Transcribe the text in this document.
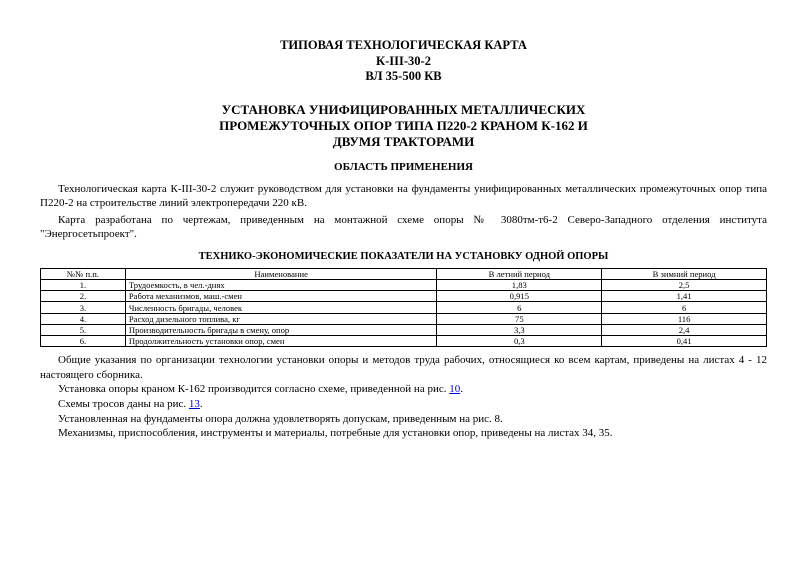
ТИПОВАЯ ТЕХНОЛОГИЧЕСКАЯ КАРТА
К-III-30-2
ВЛ 35-500 КВ
УСТАНОВКА УНИФИЦИРОВАННЫХ МЕТАЛЛИЧЕСКИХ
ПРОМЕЖУТОЧНЫХ ОПОР ТИПА П220-2 КРАНОМ К-162 И
ДВУМЯ ТРАКТОРАМИ
ОБЛАСТЬ ПРИМЕНЕНИЯ

Технологическая карта К-III-30-2 служит руководством для установки на фундаменты унифицированных металлических промежуточных опор типа П220-2 на строительстве линий электропередачи 220 кВ.

Карта разработана по чертежам, приведенным на монтажной схеме опоры № 3080тм-т6-2 Северо-Западного отделения института "Энергосетьпроект".

ТЕХНИКО-ЭКОНОМИЧЕСКИЕ ПОКАЗАТЕЛИ НА УСТАНОВКУ ОДНОЙ ОПОРЫ
№№ п.п.	Наименование	В летний период	В зимний период
1.	Трудоемкость, в чел.-днях	1,83	2,5
2.	Работа механизмов, маш.-смен	0,915	1,41
3.	Численность бригады, человек	6	6
4.	Расход дизельного топлива, кг	75	116
5.	Производительность бригады в смену, опор	3,3	2,4
6.	Продолжительность установки опор, смен	0,3	0,41

Общие указания по организации технологии установки опоры и методов труда рабочих, относящиеся ко всем картам, приведены на листах 4 - 12 настоящего сборника.

Установка опоры краном К-162 производится согласно схеме, приведенной на рис. 10.

Схемы тросов даны на рис. 13.

Установленная на фундаменты опора должна удовлетворять допускам, приведенным на рис. 8.

Механизмы, приспособления, инструменты и материалы, потребные для установки опор, приведены на листах 34, 35.
